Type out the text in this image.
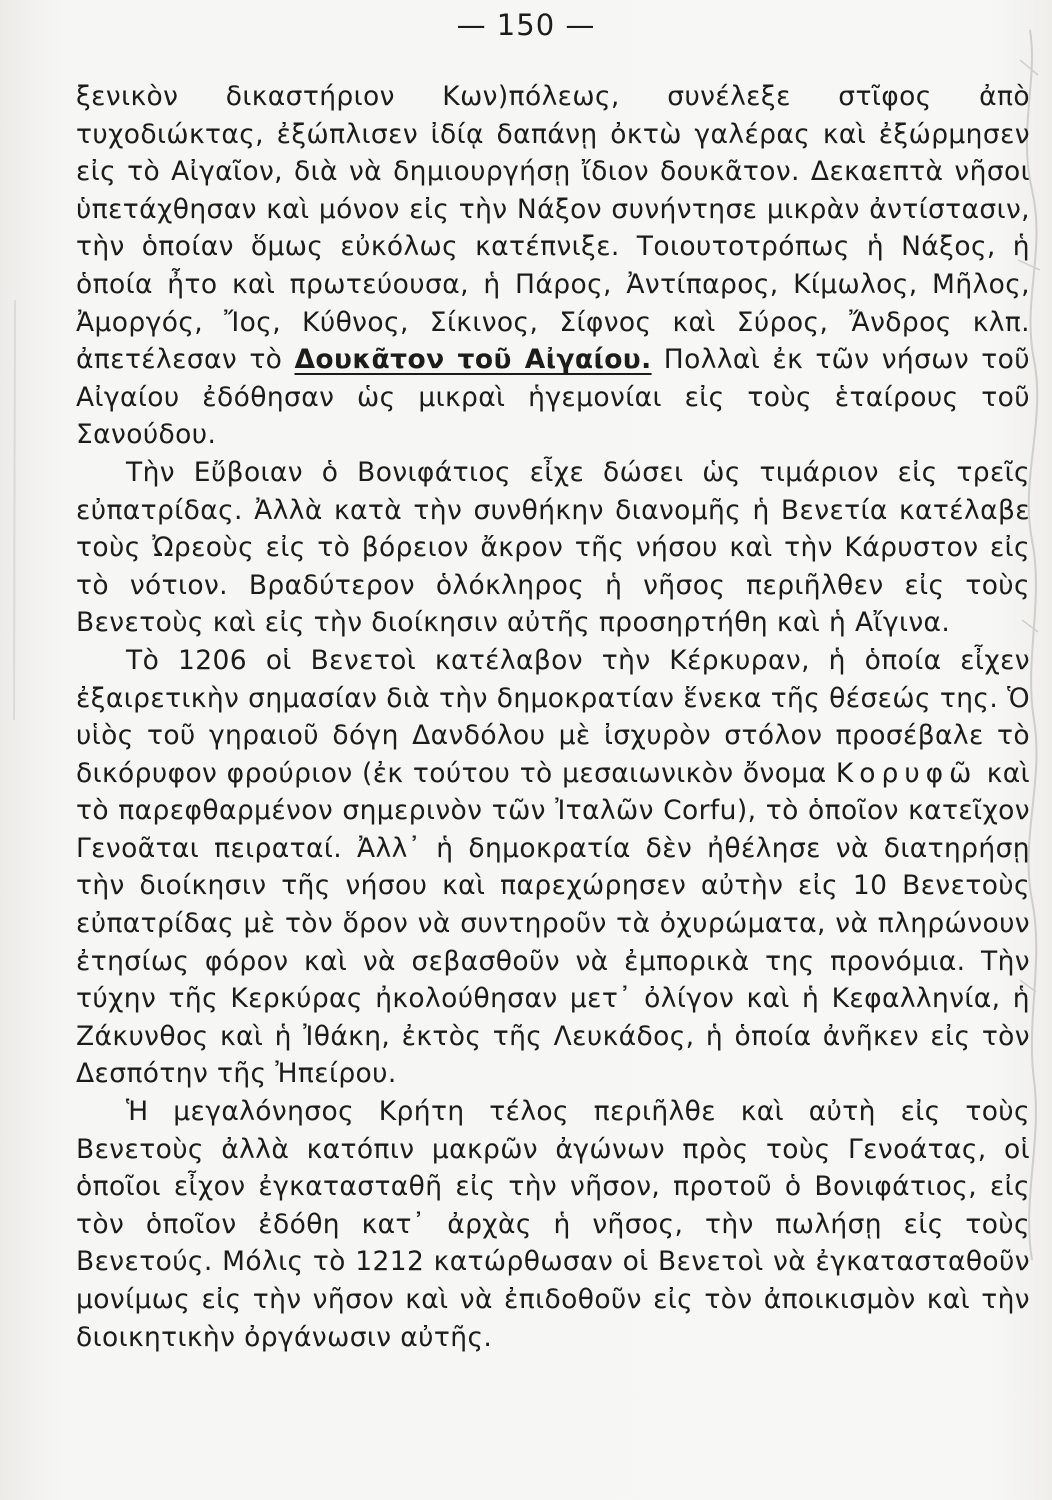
— 150 —

ξενικὸν δικαστήριον Κων)πόλεως, συνέλεξε στῖφος ἀπὸ τυχοδιώκτας, ἐξώπλισεν ἰδίᾳ δαπάνῃ ὀκτὼ γαλέρας καὶ ἐξώρμησεν εἰς τὸ Αἰγαῖον, διὰ νὰ δημιουργήσῃ ἴδιον δουκᾶτον. Δεκαεπτὰ νῆσοι ὑπετάχθησαν καὶ μόνον εἰς τὴν Νάξον συνήντησε μικρὰν ἀντίστασιν, τὴν ὁποίαν ὅμως εὐκόλως κατέπνιξε. Τοιουτοτρόπως ἡ Νάξος, ἡ ὁποία ἦτο καὶ πρωτεύουσα, ἡ Πάρος, Ἀντίπαρος, Κίμωλος, Μῆλος, Ἀμοργός, Ἴος, Κύθνος, Σίκινος, Σίφνος καὶ Σύρος, Ἄνδρος κλπ. ἀπετέλεσαν τὸ Δουκᾶτον τοῦ Αἰγαίου. Πολλαὶ ἐκ τῶν νήσων τοῦ Αἰγαίου ἐδόθησαν ὡς μικραὶ ἡγεμονίαι εἰς τοὺς ἑταίρους τοῦ Σανούδου.

Τὴν Εὔβοιαν ὁ Βονιφάτιος εἶχε δώσει ὡς τιμάριον εἰς τρεῖς εὐπατρίδας. Ἀλλὰ κατὰ τὴν συνθήκην διανομῆς ἡ Βενετία κατέλαβε τοὺς Ὠρεοὺς εἰς τὸ βόρειον ἄκρον τῆς νήσου καὶ τὴν Κάρυστον εἰς τὸ νότιον. Βραδύτερον ὁλόκληρος ἡ νῆσος περιῆλθεν εἰς τοὺς Βενετοὺς καὶ εἰς τὴν διοίκησιν αὐτῆς προσηρτήθη καὶ ἡ Αἴγινα.

Τὸ 1206 οἱ Βενετοὶ κατέλαβον τὴν Κέρκυραν, ἡ ὁποία εἶχεν ἐξαιρετικὴν σημασίαν διὰ τὴν δημοκρατίαν ἕνεκα τῆς θέσεώς της. Ὁ υἱὸς τοῦ γηραιοῦ δόγη Δανδόλου μὲ ἰσχυρὸν στόλον προσέβαλε τὸ δικόρυφον φρούριον (ἐκ τούτου τὸ μεσαιωνικὸν ὄνομα Κορυφῶ καὶ τὸ παρεφθαρμένον σημερινὸν τῶν Ἰταλῶν Corfu), τὸ ὁποῖον κατεῖχον Γενοᾶται πειραταί. Ἀλλ᾽ ἡ δημοκρατία δὲν ἠθέλησε νὰ διατηρήσῃ τὴν διοίκησιν τῆς νήσου καὶ παρεχώρησεν αὐτὴν εἰς 10 Βενετοὺς εὐπατρίδας μὲ τὸν ὅρον νὰ συντηροῦν τὰ ὀχυρώματα, νὰ πληρώνουν ἐτησίως φόρον καὶ νὰ σεβασθοῦν νὰ ἐμπορικὰ της προνόμια. Τὴν τύχην τῆς Κερκύρας ἠκολούθησαν μετ᾽ ὀλίγον καὶ ἡ Κεφαλληνία, ἡ Ζάκυνθος καὶ ἡ Ἰθάκη, ἐκτὸς τῆς Λευκάδος, ἡ ὁποία ἀνῆκεν εἰς τὸν Δεσπότην τῆς Ἠπείρου.

Ἡ μεγαλόνησος Κρήτη τέλος περιῆλθε καὶ αὐτὴ εἰς τοὺς Βενετοὺς ἀλλὰ κατόπιν μακρῶν ἀγώνων πρὸς τοὺς Γενοάτας, οἱ ὁποῖοι εἶχον ἐγκατασταθῆ εἰς τὴν νῆσον, προτοῦ ὁ Βονιφάτιος, εἰς τὸν ὁποῖον ἐδόθη κατ᾽ ἀρχὰς ἡ νῆσος, τὴν πωλήσῃ εἰς τοὺς Βενετούς. Μόλις τὸ 1212 κατώρθωσαν οἱ Βενετοὶ νὰ ἐγκατασταθοῦν μονίμως εἰς τὴν νῆσον καὶ νὰ ἐπιδοθοῦν εἰς τὸν ἀποικισμὸν καὶ τὴν διοικητικὴν ὀργάνωσιν αὐτῆς.
